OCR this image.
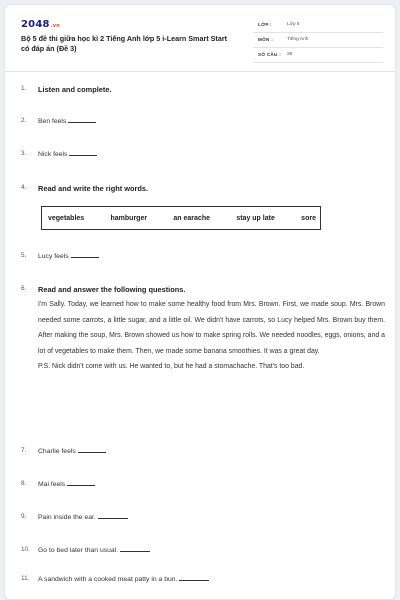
2048.vn
Bộ 5 đề thi giữa học kì 2 Tiếng Anh lớp 5 i-Learn Smart Start có đáp án (Đề 3)
LỚP :	Lớp 5
MÔN :	Tiếng Anh
SỐ CÂU : 28
1. Listen and complete.
2. Ben feels
3. Nick feels
4. Read and write the right words.
vegetables	hamburger	an earache	stay up late	sore
5. Lucy feels
6. Read and answer the following questions.

I'm Sally. Today, we learned how to make some healthy food from Mrs. Brown. First, we made soup. Mrs. Brown needed some carrots, a little sugar, and a little oil. We didn't have carrots, so Lucy helped Mrs. Brown buy them. After making the soup, Mrs. Brown showed us how to make spring rolls. We needed noodles, eggs, onions, and a lot of vegetables to make them. Then, we made some banana smoothies. It was a great day.

P.S. Nick didn't come with us. He wanted to, but he had a stomachache. That's too bad.

7. Charlie feels
8. Mai feels
9. Pain inside the ear.
10. Go to bed later than usual.
11. A sandwich with a cooked meat patty in a bun.
